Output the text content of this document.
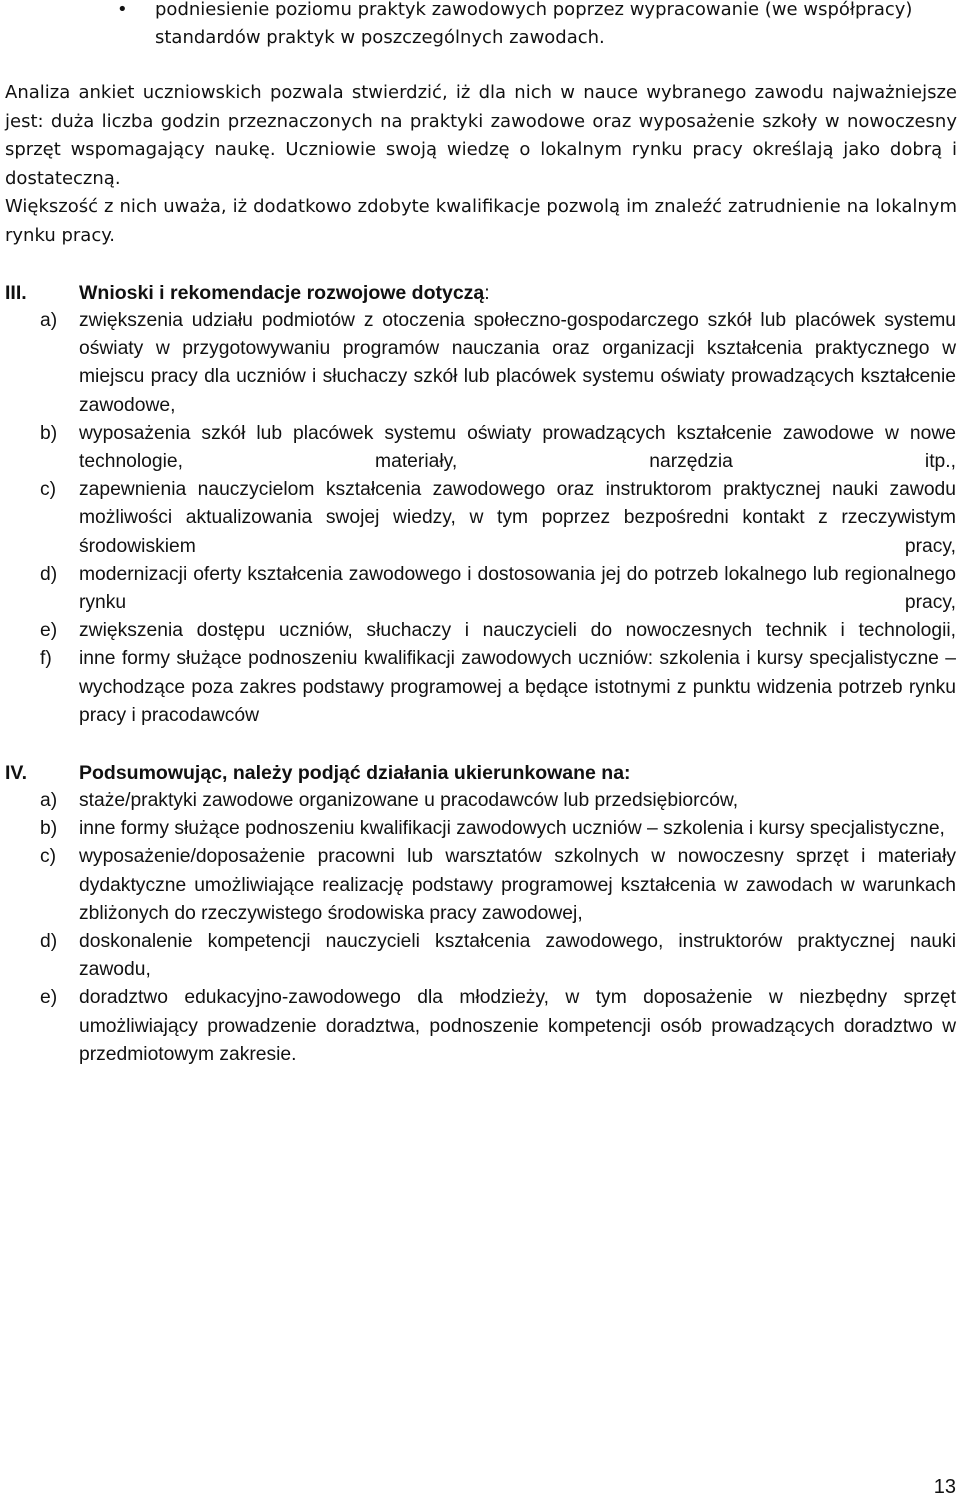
• podniesienie poziomu praktyk zawodowych poprzez wypracowanie (we współpracy) standardów praktyk w poszczególnych zawodach.
Analiza ankiet uczniowskich pozwala stwierdzić, iż dla nich w nauce wybranego zawodu najważniejsze jest: duża liczba godzin przeznaczonych na praktyki zawodowe oraz wyposażenie szkoły w nowoczesny sprzęt wspomagający naukę. Uczniowie swoją wiedzę o lokalnym rynku pracy określają jako dobrą i dostateczną.
Większość z nich uważa, iż dodatkowo zdobyte kwalifikacje pozwolą im znaleźć zatrudnienie na lokalnym rynku pracy.
III.	Wnioski i rekomendacje rozwojowe dotyczą:
a) zwiększenia udziału podmiotów z otoczenia społeczno-gospodarczego szkół lub placówek systemu oświaty w przygotowywaniu programów nauczania oraz organizacji kształcenia praktycznego w miejscu pracy dla uczniów i słuchaczy szkół lub placówek systemu oświaty prowadzących kształcenie zawodowe,
b) wyposażenia szkół lub placówek systemu oświaty prowadzących kształcenie zawodowe w nowe technologie, materiały, narzędzia itp.,
c) zapewnienia nauczycielom kształcenia zawodowego oraz instruktorom praktycznej nauki zawodu możliwości aktualizowania swojej wiedzy, w tym poprzez bezpośredni kontakt z rzeczywistym środowiskiem pracy,
d) modernizacji oferty kształcenia zawodowego i dostosowania jej do potrzeb lokalnego lub regionalnego rynku pracy,
e) zwiększenia dostępu uczniów, słuchaczy i nauczycieli do nowoczesnych technik i technologii,
f) inne formy służące podnoszeniu kwalifikacji zawodowych uczniów: szkolenia i kursy specjalistyczne – wychodzące poza zakres podstawy programowej a będące istotnymi z punktu widzenia potrzeb rynku pracy i pracodawców
IV.	Podsumowując, należy podjąć działania ukierunkowane na:
a) staże/praktyki zawodowe organizowane u pracodawców lub przedsiębiorców,
b) inne formy służące podnoszeniu kwalifikacji zawodowych uczniów – szkolenia i kursy specjalistyczne,
c) wyposażenie/doposażenie pracowni lub warsztatów szkolnych w nowoczesny sprzęt i materiały dydaktyczne umożliwiające realizację podstawy programowej kształcenia w zawodach w warunkach zbliżonych do rzeczywistego środowiska pracy zawodowej,
d) doskonalenie kompetencji nauczycieli kształcenia zawodowego, instruktorów praktycznej nauki zawodu,
e) doradztwo edukacyjno-zawodowego dla młodzieży, w tym doposażenie w niezbędny sprzęt umożliwiający prowadzenie doradztwa, podnoszenie kompetencji osób prowadzących doradztwo w przedmiotowym zakresie.
13
